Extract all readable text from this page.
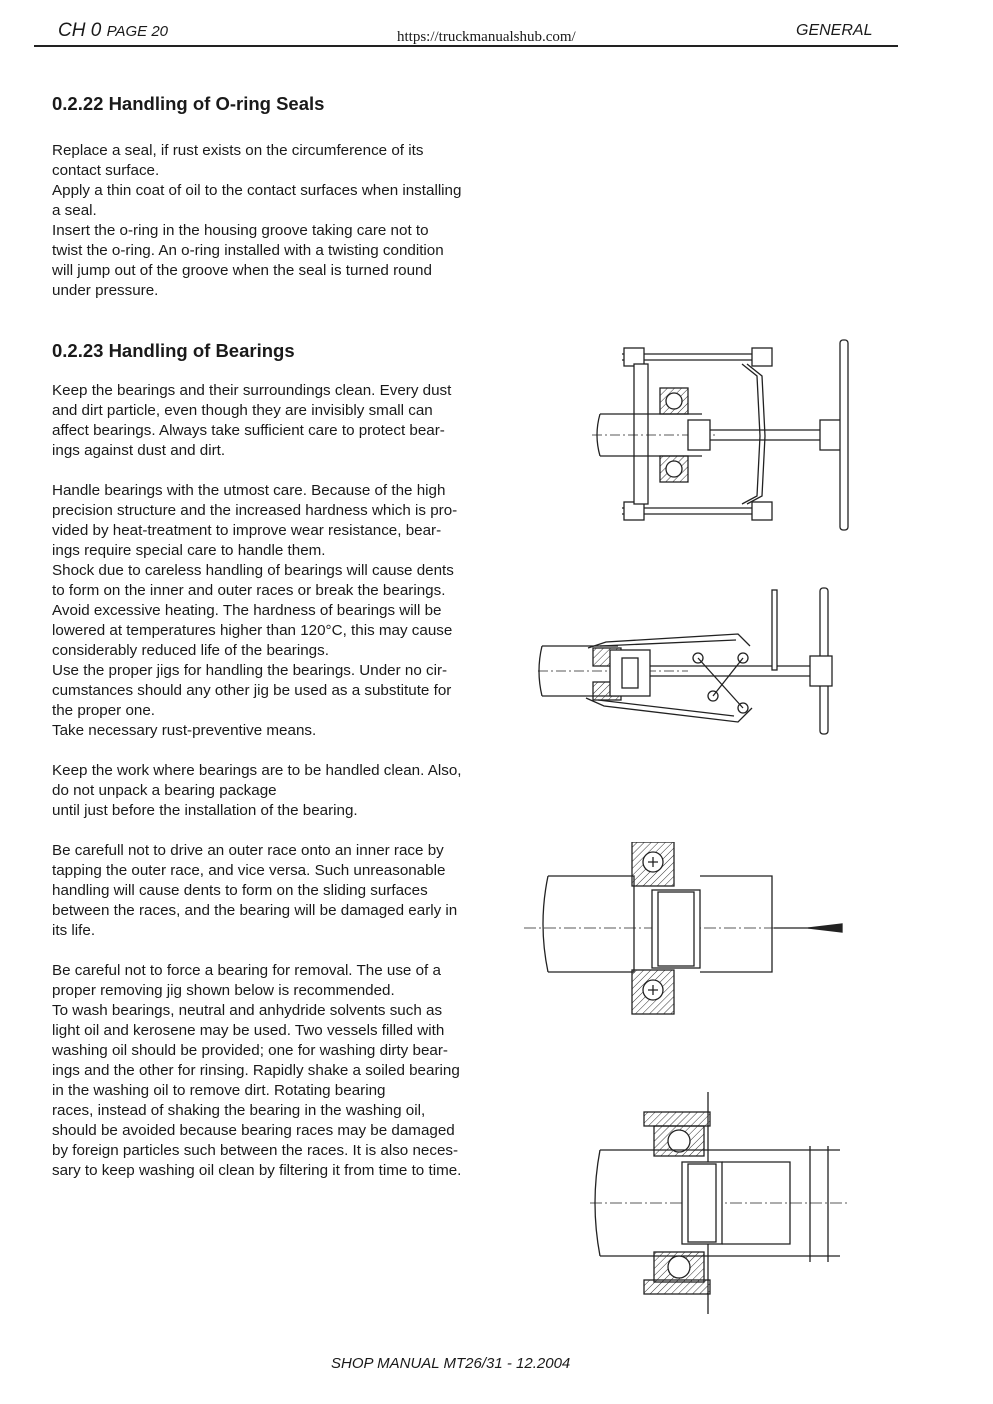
CH 0 PAGE 20	https://truckmanualshub.com/	GENERAL
0.2.22 Handling of O-ring Seals
Replace a seal, if rust exists on the circumference of its
contact surface.
Apply a thin coat of oil to the contact surfaces when installing
a seal.
Insert the o-ring in the housing groove taking care not to
twist the o-ring. An o-ring installed with a twisting condition
will jump out of the groove when the seal is turned round
under pressure.
0.2.23 Handling of Bearings
Keep the bearings and their surroundings clean. Every dust
and dirt particle, even though they are invisibly small can
affect bearings. Always take sufficient care to protect bear-
ings against dust and dirt.
Handle bearings with the utmost care. Because of the high
precision structure and the increased hardness which is pro-
vided by heat-treatment to improve wear resistance, bear-
ings require special care to handle them.
Shock due to careless handling of bearings will cause dents
to form on the inner and outer races or break the bearings.
Avoid excessive heating. The hardness of bearings will be
lowered at temperatures higher than 120°C, this may cause
considerably reduced life of the bearings.
Use the proper jigs for handling the bearings. Under no cir-
cumstances should any other jig be used as a substitute for
the proper one.
Take necessary rust-preventive means.
Keep the work where bearings are to be handled clean. Also,
do not unpack a bearing package
until just before the installation of the bearing.
Be carefull not to drive an outer race onto an inner race by
tapping the outer race, and vice versa. Such unreasonable
handling will cause dents to form on the sliding surfaces
between the races, and the bearing will be damaged early in
its life.
Be careful not to force a bearing for removal. The use of a
proper removing jig shown below is recommended.
To wash bearings, neutral and anhydride solvents such as
light oil and kerosene may be used. Two vessels filled with
washing oil should be provided; one for washing dirty bear-
ings and the other for rinsing. Rapidly shake a soiled bearing
in the washing oil to remove dirt. Rotating bearing
races, instead of shaking the bearing in the washing oil,
should be avoided because bearing races may be damaged
by foreign particles such between the races. It is also neces-
sary to keep washing oil clean by filtering it from time to time.
SHOP MANUAL MT26/31 - 12.2004
